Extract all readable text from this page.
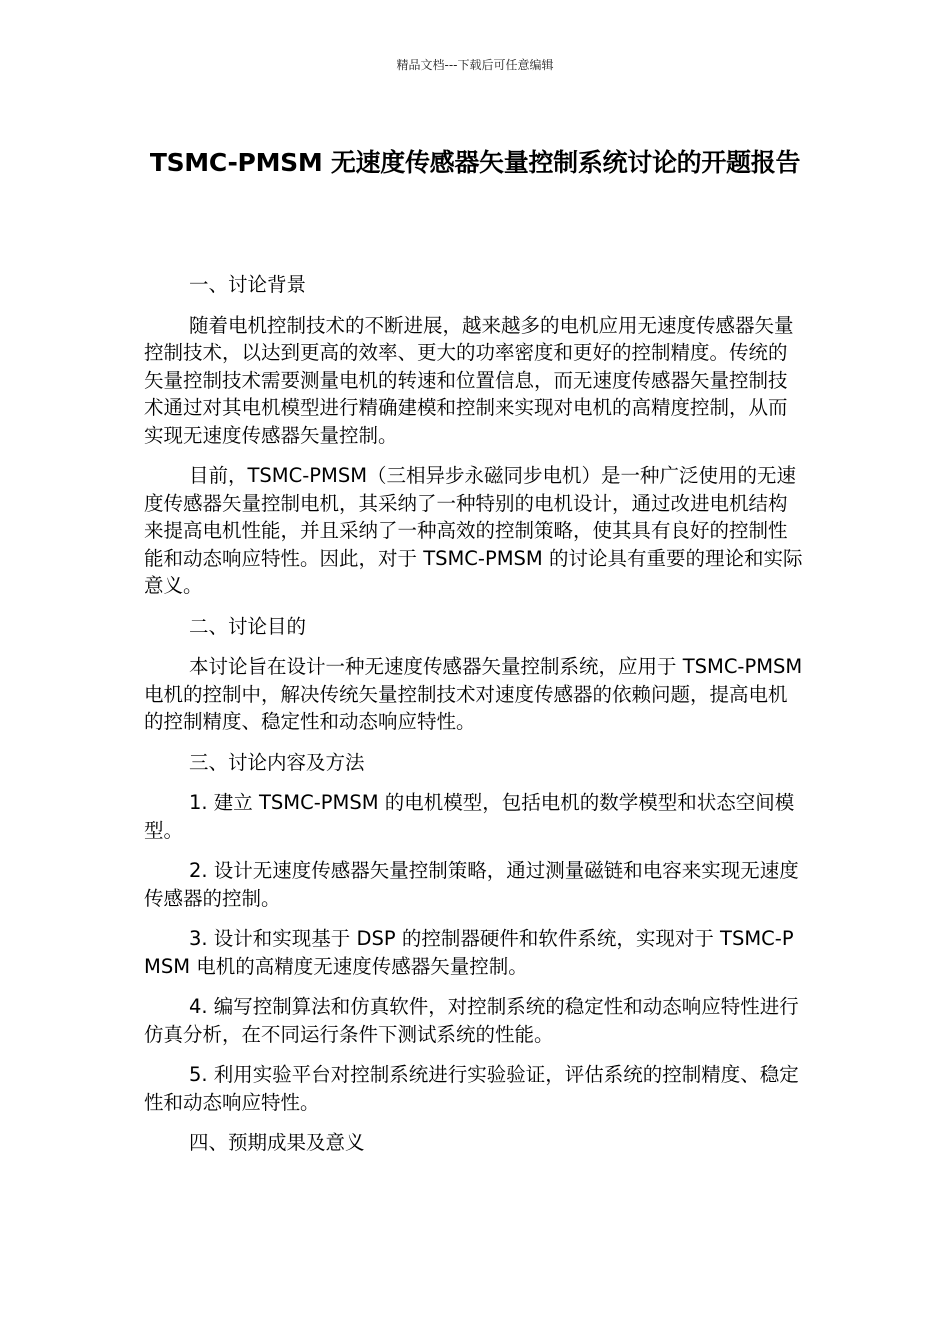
精品文档---下载后可任意编辑
TSMC-PMSM 无速度传感器矢量控制系统讨论的开题报告

一、讨论背景

随着电机控制技术的不断进展，越来越多的电机应用无速度传感器矢量控制技术，以达到更高的效率、更大的功率密度和更好的控制精度。传统的矢量控制技术需要测量电机的转速和位置信息，而无速度传感器矢量控制技术通过对其电机模型进行精确建模和控制来实现对电机的高精度控制，从而实现无速度传感器矢量控制。

目前，TSMC-PMSM（三相异步永磁同步电机）是一种广泛使用的无速度传感器矢量控制电机，其采纳了一种特别的电机设计，通过改进电机结构来提高电机性能，并且采纳了一种高效的控制策略，使其具有良好的控制性能和动态响应特性。因此，对于 TSMC-PMSM 的讨论具有重要的理论和实际意义。

二、讨论目的

本讨论旨在设计一种无速度传感器矢量控制系统，应用于 TSMC-PMSM 电机的控制中，解决传统矢量控制技术对速度传感器的依赖问题，提高电机的控制精度、稳定性和动态响应特性。

三、讨论内容及方法

1. 建立 TSMC-PMSM 的电机模型，包括电机的数学模型和状态空间模型。

2. 设计无速度传感器矢量控制策略，通过测量磁链和电容来实现无速度传感器的控制。

3. 设计和实现基于 DSP 的控制器硬件和软件系统，实现对于 TSMC-PMSM 电机的高精度无速度传感器矢量控制。

4. 编写控制算法和仿真软件，对控制系统的稳定性和动态响应特性进行仿真分析，在不同运行条件下测试系统的性能。

5. 利用实验平台对控制系统进行实验验证，评估系统的控制精度、稳定性和动态响应特性。

四、预期成果及意义
